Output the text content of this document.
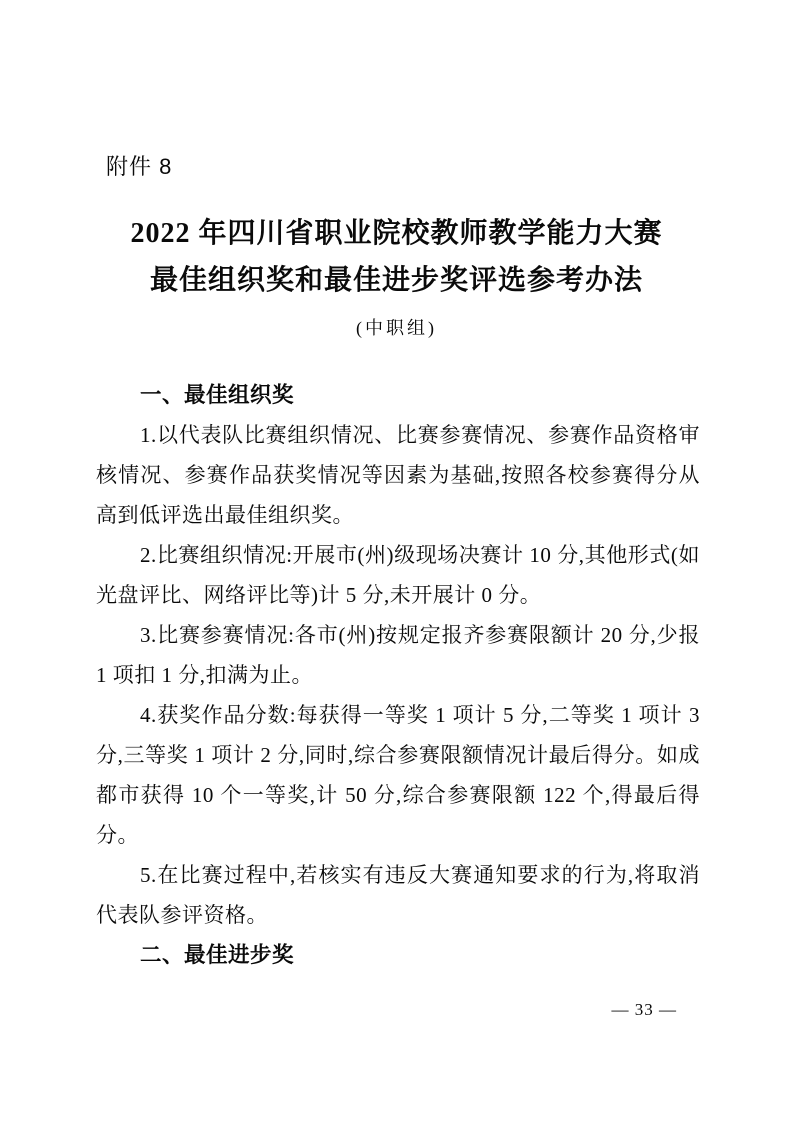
附件 8
2022 年四川省职业院校教师教学能力大赛
最佳组织奖和最佳进步奖评选参考办法
(中职组)
一、最佳组织奖

1.以代表队比赛组织情况、比赛参赛情况、参赛作品资格审核情况、参赛作品获奖情况等因素为基础,按照各校参赛得分从高到低评选出最佳组织奖。

2.比赛组织情况:开展市(州)级现场决赛计 10 分,其他形式(如光盘评比、网络评比等)计 5 分,未开展计 0 分。

3.比赛参赛情况:各市(州)按规定报齐参赛限额计 20 分,少报 1 项扣 1 分,扣满为止。

4.获奖作品分数:每获得一等奖 1 项计 5 分,二等奖 1 项计 3 分,三等奖 1 项计 2 分,同时,综合参赛限额情况计最后得分。如成都市获得 10 个一等奖,计 50 分,综合参赛限额 122 个,得最后得分。

5.在比赛过程中,若核实有违反大赛通知要求的行为,将取消代表队参评资格。

二、最佳进步奖
— 33 —
